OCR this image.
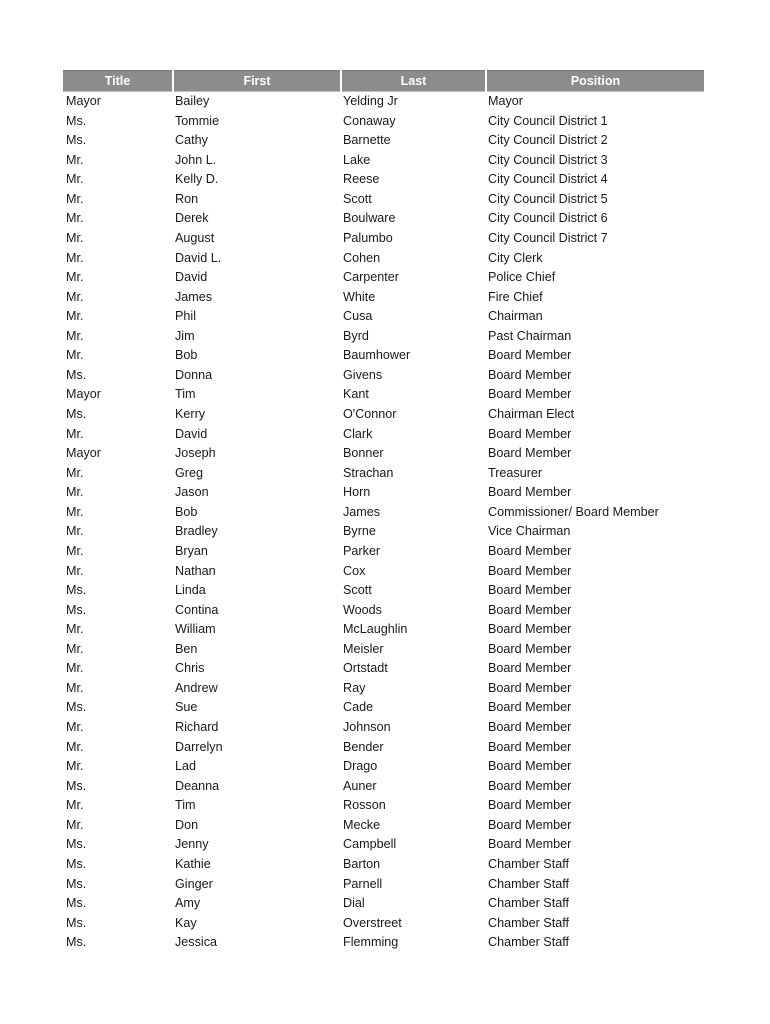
Title	First	Last	Position
Mayor	Bailey	Yelding Jr	Mayor
Ms.	Tommie	Conaway	City Council District 1
Ms.	Cathy	Barnette	City Council District 2
Mr.	John L.	Lake	City Council District 3
Mr.	Kelly D.	Reese	City Council District 4
Mr.	Ron	Scott	City Council District 5
Mr.	Derek	Boulware	City Council District 6
Mr.	August	Palumbo	City Council District 7
Mr.	David L.	Cohen	City Clerk
Mr.	David	Carpenter	Police Chief
Mr.	James	White	Fire Chief
Mr.	Phil	Cusa	Chairman
Mr.	Jim	Byrd	Past Chairman
Mr.	Bob	Baumhower	Board Member
Ms.	Donna	Givens	Board Member
Mayor	Tim	Kant	Board Member
Ms.	Kerry	O'Connor	Chairman Elect
Mr.	David	Clark	Board Member
Mayor	Joseph	Bonner	Board Member
Mr.	Greg	Strachan	Treasurer
Mr.	Jason	Horn	Board Member
Mr.	Bob	James	Commissioner/ Board Member
Mr.	Bradley	Byrne	Vice Chairman
Mr.	Bryan	Parker	Board Member
Mr.	Nathan	Cox	Board Member
Ms.	Linda	Scott	Board Member
Ms.	Contina	Woods	Board Member
Mr.	William	McLaughlin	Board Member
Mr.	Ben	Meisler	Board Member
Mr.	Chris	Ortstadt	Board Member
Mr.	Andrew	Ray	Board Member
Ms.	Sue	Cade	Board Member
Mr.	Richard	Johnson	Board Member
Mr.	Darrelyn	Bender	Board Member
Mr.	Lad	Drago	Board Member
Ms.	Deanna	Auner	Board Member
Mr.	Tim	Rosson	Board Member
Mr.	Don	Mecke	Board Member
Ms.	Jenny	Campbell	Board Member
Ms.	Kathie	Barton	Chamber Staff
Ms.	Ginger	Parnell	Chamber Staff
Ms.	Amy	Dial	Chamber Staff
Ms.	Kay	Overstreet	Chamber Staff
Ms.	Jessica	Flemming	Chamber Staff
